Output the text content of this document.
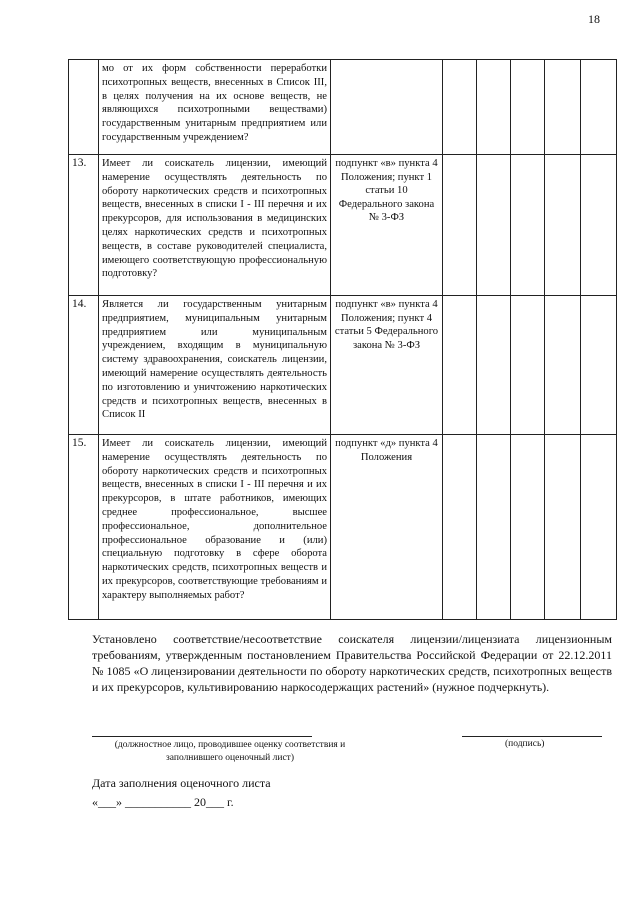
18
	мо от их форм собственности переработки психотропных веществ, внесенных в Список III, в целях получения на их основе веществ, не являющихся психотропными веществами) государственным унитарным предприятием или государственным учреждением?						
13.	Имеет ли соискатель лицензии, имеющий намерение осуществлять деятельность по обороту наркотических средств и психотропных веществ, внесенных в списки I - III перечня и их прекурсоров, для использования в медицинских целях наркотических средств и психотропных веществ, в составе руководителей специалиста, имеющего соответствующую профессиональную подготовку?	подпункт «в» пункта 4 Положения; пункт 1 статьи 10 Федерального закона № 3-ФЗ					
14.	Является ли государственным унитарным предприятием, муниципальным унитарным предприятием или муниципальным учреждением, входящим в муниципальную систему здравоохранения, соискатель лицензии, имеющий намерение осуществлять деятельность по изготовлению и уничтожению наркотических средств и психотропных веществ, внесенных в Список II	подпункт «в» пункта 4 Положения; пункт 4 статьи 5 Федерального закона № 3-ФЗ					
15.	Имеет ли соискатель лицензии, имеющий намерение осуществлять деятельность по обороту наркотических средств и психотропных веществ, внесенных в списки I - III перечня и их прекурсоров, в штате работников, имеющих среднее профессиональное, высшее профессиональное, дополнительное профессиональное образование и (или) специальную подготовку в сфере оборота наркотических средств, психотропных веществ и их прекурсоров, соответствующие требованиям и характеру выполняемых работ?	подпункт «д» пункта 4 Положения					

Установлено соответствие/несоответствие соискателя лицензии/лицензиата лицензионным требованиям, утвержденным постановлением Правительства Российской Федерации от 22.12.2011 № 1085 «О лицензировании деятельности по обороту наркотических средств, психотропных веществ и их прекурсоров, культивированию наркосодержащих растений» (нужное подчеркнуть).

(должностное лицо, проводившее оценку соответствия и
заполнившего оценочный лист)
(подпись)
Дата заполнения оценочного листа
«___» ___________ 20___ г.
